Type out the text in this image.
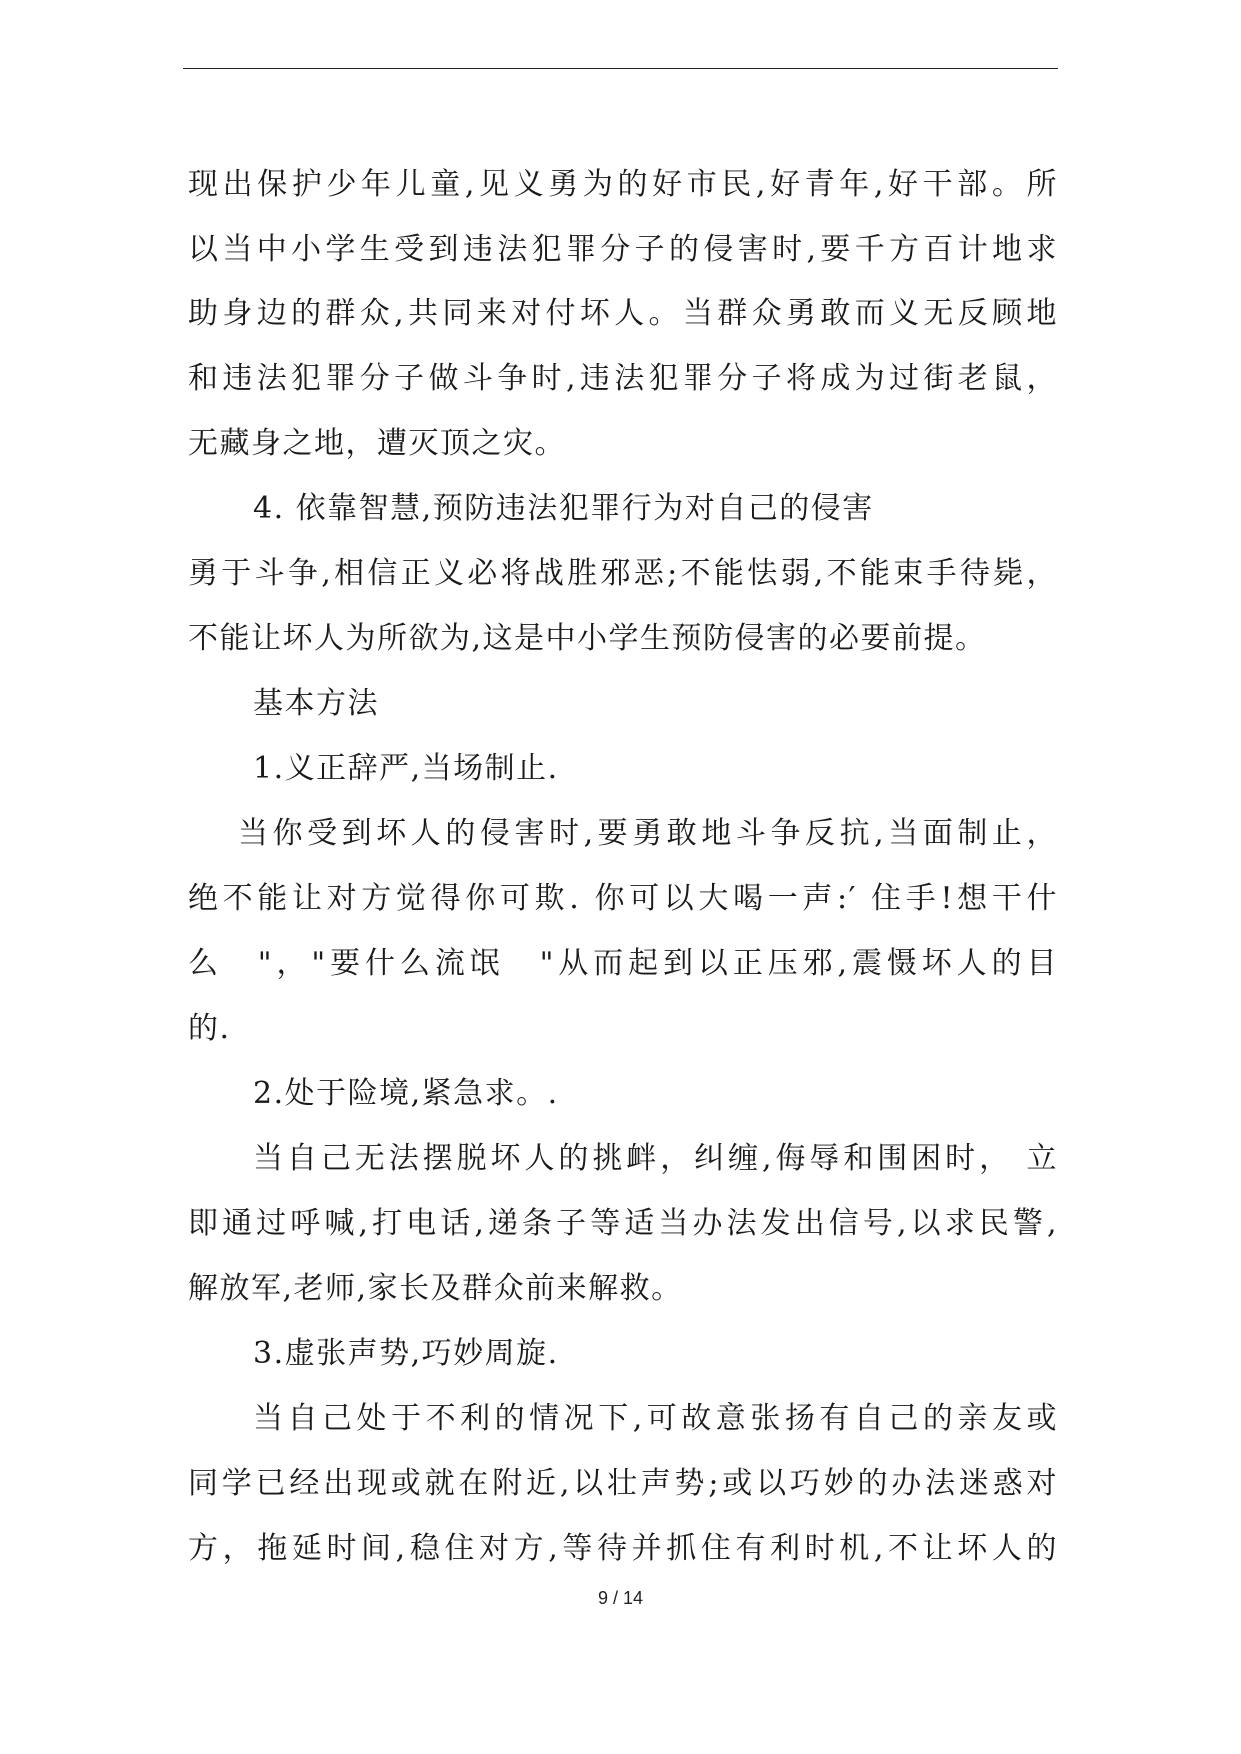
现出保护少年儿童,见义勇为的好市民,好青年,好干部。所
以当中小学生受到违法犯罪分子的侵害时,要千方百计地求
助身边的群众,共同来对付坏人。当群众勇敢而义无反顾地
和违法犯罪分子做斗争时,违法犯罪分子将成为过街老鼠，
无藏身之地，遭灭顶之灾。
4. 依靠智慧,预防违法犯罪行为对自己的侵害
勇于斗争,相信正义必将战胜邪恶;不能怯弱,不能束手待毙，
不能让坏人为所欲为,这是中小学生预防侵害的必要前提。
基本方法
1.义正辞严,当场制止.
当你受到坏人的侵害时,要勇敢地斗争反抗,当面制止，
绝不能让对方觉得你可欺. 你可以大喝一声:′ 住手!想干什
么　"，"要什么流氓　"从而起到以正压邪,震慑坏人的目
的.
2.处于险境,紧急求。.
当自己无法摆脱坏人的挑衅，纠缠,侮辱和围困时， 立
即通过呼喊,打电话,递条子等适当办法发出信号,以求民警,
解放军,老师,家长及群众前来解救。
3.虚张声势,巧妙周旋.
当自己处于不利的情况下,可故意张扬有自己的亲友或
同学已经出现或就在附近,以壮声势;或以巧妙的办法迷惑对
方，拖延时间,稳住对方,等待并抓住有利时机,不让坏人的
9 / 14
